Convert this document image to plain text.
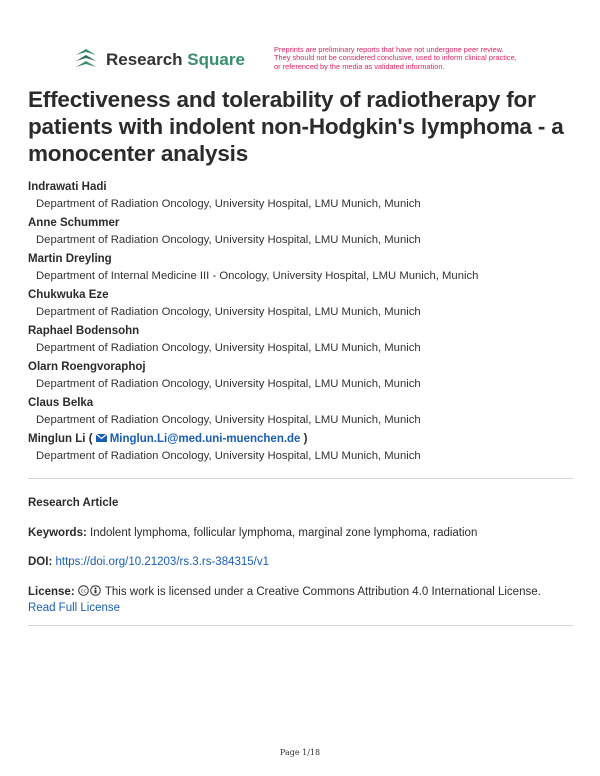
Research Square
Preprints are preliminary reports that have not undergone peer review.
They should not be considered conclusive, used to inform clinical practice,
or referenced by the media as validated information.
Effectiveness and tolerability of radiotherapy for patients with indolent non-Hodgkin's lymphoma - a monocenter analysis
Indrawati Hadi
Department of Radiation Oncology, University Hospital, LMU Munich, Munich
Anne Schummer
Department of Radiation Oncology, University Hospital, LMU Munich, Munich
Martin Dreyling
Department of Internal Medicine III - Oncology, University Hospital, LMU Munich, Munich
Chukwuka Eze
Department of Radiation Oncology, University Hospital, LMU Munich, Munich
Raphael Bodensohn
Department of Radiation Oncology, University Hospital, LMU Munich, Munich
Olarn Roengvoraphoj
Department of Radiation Oncology, University Hospital, LMU Munich, Munich
Claus Belka
Department of Radiation Oncology, University Hospital, LMU Munich, Munich
Minglun Li ( Minglun.Li@med.uni-muenchen.de )
Department of Radiation Oncology, University Hospital, LMU Munich, Munich
Research Article
Keywords: Indolent lymphoma, follicular lymphoma, marginal zone lymphoma, radiation
DOI: https://doi.org/10.21203/rs.3.rs-384315/v1
License: cc This work is licensed under a Creative Commons Attribution 4.0 International License.
Read Full License
Page 1/18
